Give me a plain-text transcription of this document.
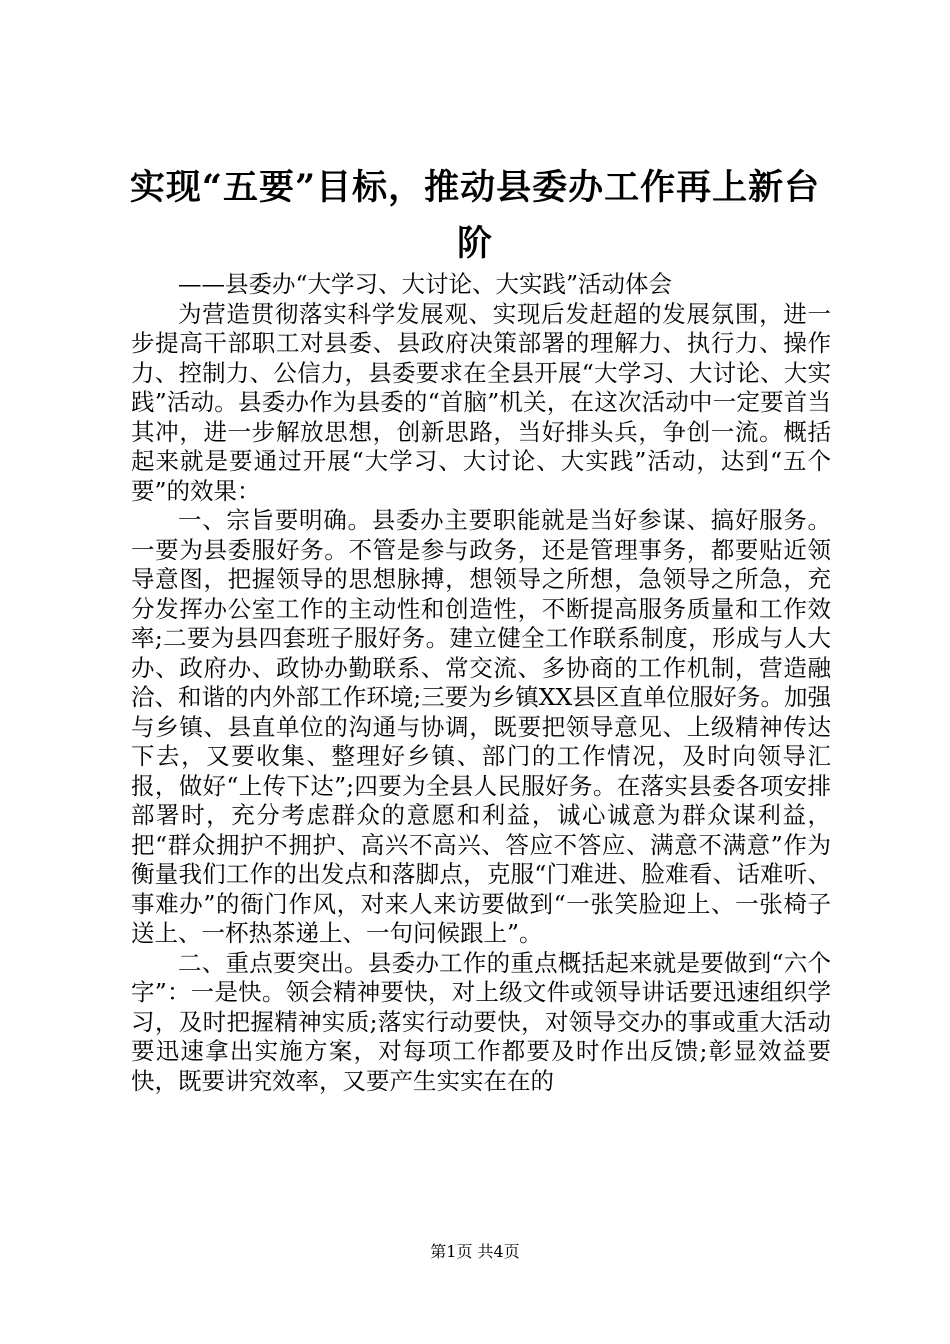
实现“五要”目标，推动县委办工作再上新台阶

——县委办“大学习、大讨论、大实践”活动体会

为营造贯彻落实科学发展观、实现后发赶超的发展氛围，进一步提高干部职工对县委、县政府决策部署的理解力、执行力、操作力、控制力、公信力，县委要求在全县开展“大学习、大讨论、大实践”活动。县委办作为县委的“首脑”机关，在这次活动中一定要首当其冲，进一步解放思想，创新思路，当好排头兵，争创一流。概括起来就是要通过开展“大学习、大讨论、大实践”活动，达到“五个要”的效果：

一、宗旨要明确。县委办主要职能就是当好参谋、搞好服务。一要为县委服好务。不管是参与政务，还是管理事务，都要贴近领导意图，把握领导的思想脉搏，想领导之所想，急领导之所急，充分发挥办公室工作的主动性和创造性，不断提高服务质量和工作效率;二要为县四套班子服好务。建立健全工作联系制度，形成与人大办、政府办、政协办勤联系、常交流、多协商的工作机制，营造融洽、和谐的内外部工作环境;三要为乡镇XX县区直单位服好务。加强与乡镇、县直单位的沟通与协调，既要把领导意见、上级精神传达下去，又要收集、整理好乡镇、部门的工作情况，及时向领导汇报，做好“上传下达”;四要为全县人民服好务。在落实县委各项安排部署时，充分考虑群众的意愿和利益，诚心诚意为群众谋利益，把“群众拥护不拥护、高兴不高兴、答应不答应、满意不满意”作为衡量我们工作的出发点和落脚点，克服“门难进、脸难看、话难听、事难办”的衙门作风，对来人来访要做到“一张笑脸迎上、一张椅子送上、一杯热茶递上、一句问候跟上”。

二、重点要突出。县委办工作的重点概括起来就是要做到“六个字”：一是快。领会精神要快，对上级文件或领导讲话要迅速组织学习，及时把握精神实质;落实行动要快，对领导交办的事或重大活动要迅速拿出实施方案，对每项工作都要及时作出反馈;彰显效益要快，既要讲究效率，又要产生实实在在的

第1页 共4页
